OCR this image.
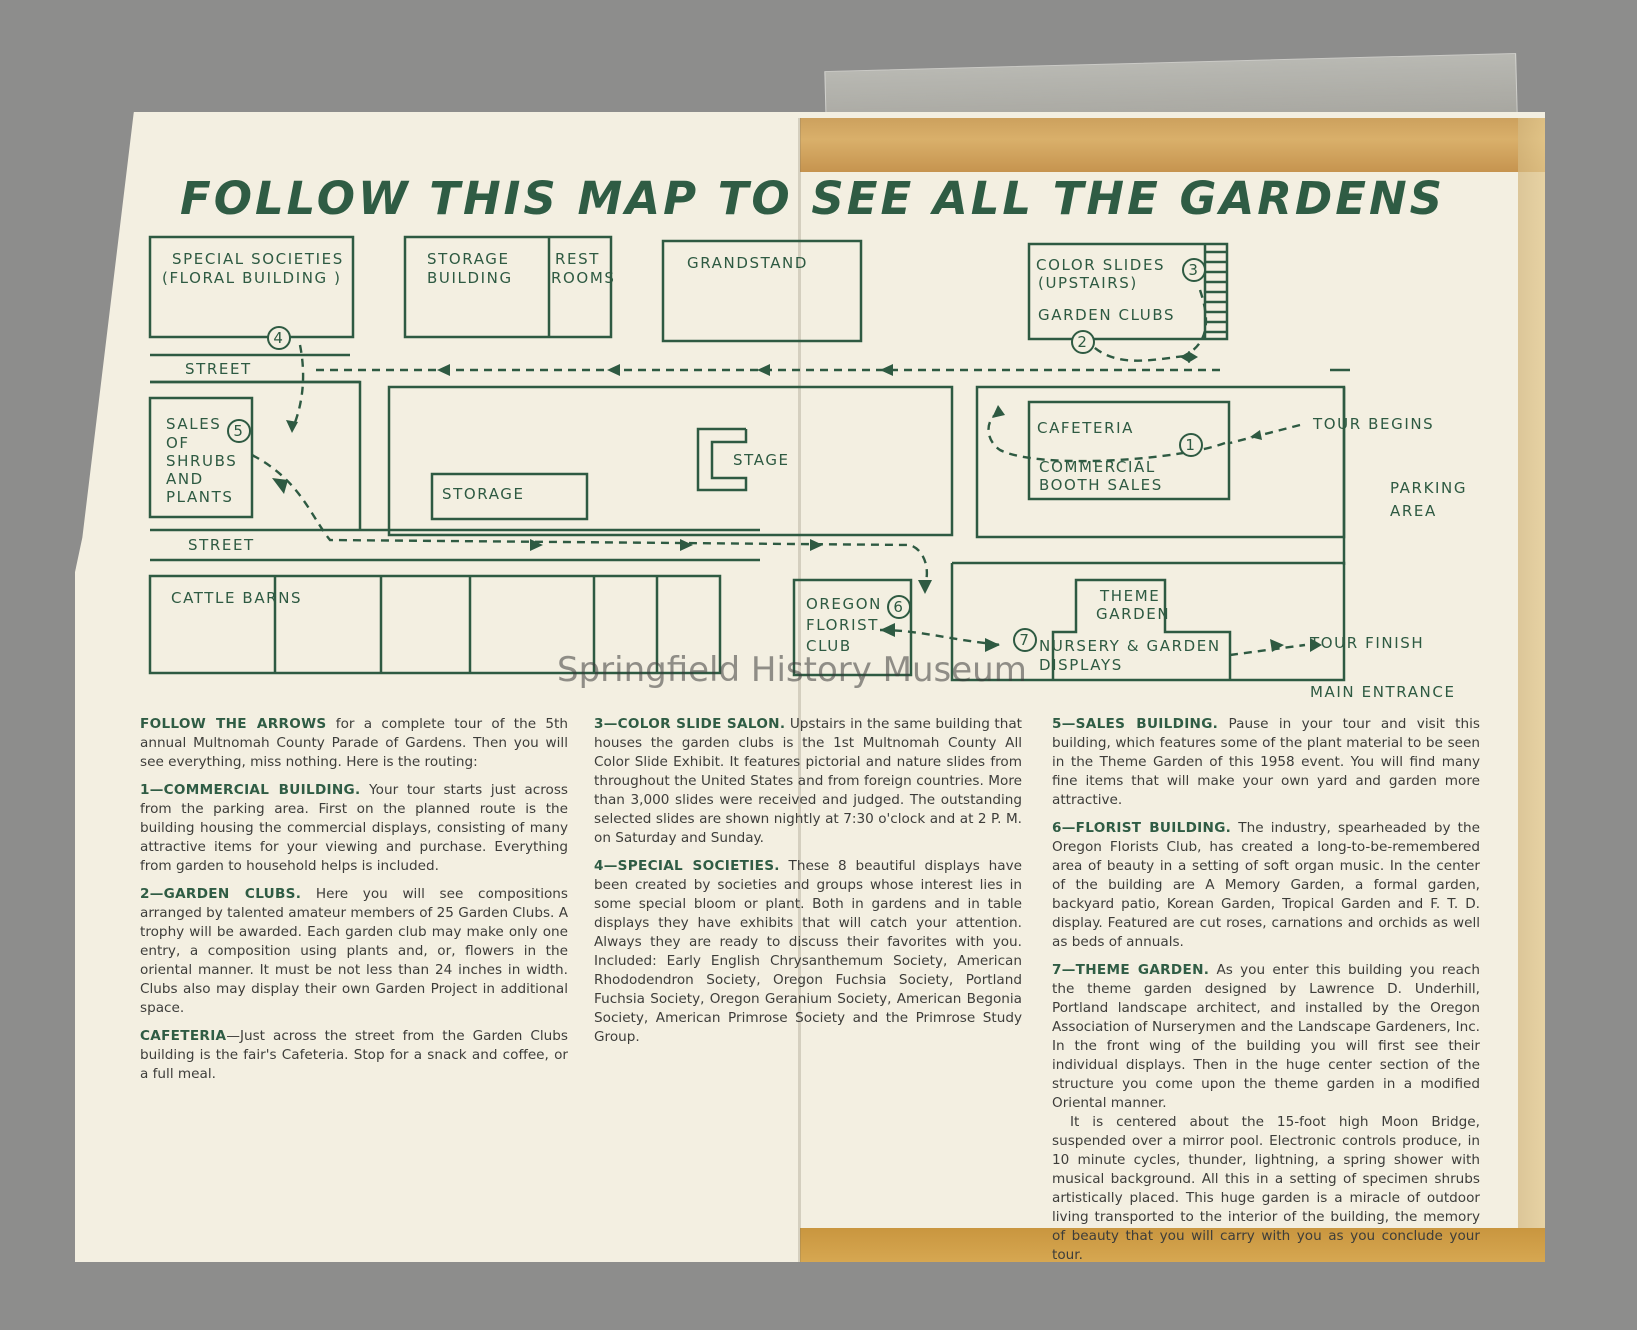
FOLLOW THIS MAP TO SEE ALL THE GARDENS
1
2
3
4
5
6
7
SPECIAL SOCIETIES
(FLORAL BUILDING )
STORAGE
BUILDING
REST
ROOMS
GRANDSTAND	COLOR SLIDES
(UPSTAIRS)
GARDEN CLUBS
STREET
STREET
SALES
OF
SHRUBS
AND
PLANTS
STAGE
STORAGE
CAFETERIA
COMMERCIAL
BOOTH SALES
TOUR BEGINS
PARKING
AREA
CATTLE BARNS	OREGON
FLORIST
CLUB
THEME
GARDEN
NURSERY & GARDEN
DISPLAYS
TOUR FINISH
MAIN ENTRANCE
Springfield History Museum

FOLLOW THE ARROWS for a complete tour of the 5th annual Multnomah County Parade of Gardens. Then you will see everything, miss nothing. Here is the routing:

1—COMMERCIAL BUILDING. Your tour starts just across from the parking area. First on the planned route is the building housing the commercial displays, consisting of many attractive items for your viewing and purchase. Everything from garden to household helps is included.

2—GARDEN CLUBS. Here you will see compositions arranged by talented amateur members of 25 Garden Clubs. A trophy will be awarded. Each garden club may make only one entry, a composition using plants and, or, flowers in the oriental manner. It must be not less than 24 inches in width. Clubs also may display their own Garden Project in additional space.

CAFETERIA—Just across the street from the Garden Clubs building is the fair's Cafeteria. Stop for a snack and coffee, or a full meal.

3—COLOR SLIDE SALON. Upstairs in the same building that houses the garden clubs is the 1st Multnomah County All Color Slide Exhibit. It features pictorial and nature slides from throughout the United States and from foreign countries. More than 3,000 slides were received and judged. The outstanding selected slides are shown nightly at 7:30 o'clock and at 2 P. M. on Saturday and Sunday.

4—SPECIAL SOCIETIES. These 8 beautiful displays have been created by societies and groups whose interest lies in some special bloom or plant. Both in gardens and in table displays they have exhibits that will catch your attention. Always they are ready to discuss their favorites with you. Included: Early English Chrysanthemum Society, American Rhododendron Society, Oregon Fuchsia Society, Portland Fuchsia Society, Oregon Geranium Society, American Begonia Society, American Primrose Society and the Primrose Study Group.

5—SALES BUILDING. Pause in your tour and visit this building, which features some of the plant material to be seen in the Theme Garden of this 1958 event. You will find many fine items that will make your own yard and garden more attractive.

6—FLORIST BUILDING. The industry, spearheaded by the Oregon Florists Club, has created a long-to-be-remembered area of beauty in a setting of soft organ music. In the center of the building are A Memory Garden, a formal garden, backyard patio, Korean Garden, Tropical Garden and F. T. D. display. Featured are cut roses, carnations and orchids as well as beds of annuals.

7—THEME GARDEN. As you enter this building you reach the theme garden designed by Lawrence D. Underhill, Portland landscape architect, and installed by the Oregon Association of Nurserymen and the Landscape Gardeners, Inc. In the front wing of the building you will first see their individual displays. Then in the huge center section of the structure you come upon the theme garden in a modified Oriental manner.

It is centered about the 15-foot high Moon Bridge, suspended over a mirror pool. Electronic controls produce, in 10 minute cycles, thunder, lightning, a spring shower with musical background. All this in a setting of specimen shrubs artistically placed. This huge garden is a miracle of outdoor living transported to the interior of the building, the memory of beauty that you will carry with you as you conclude your tour.
